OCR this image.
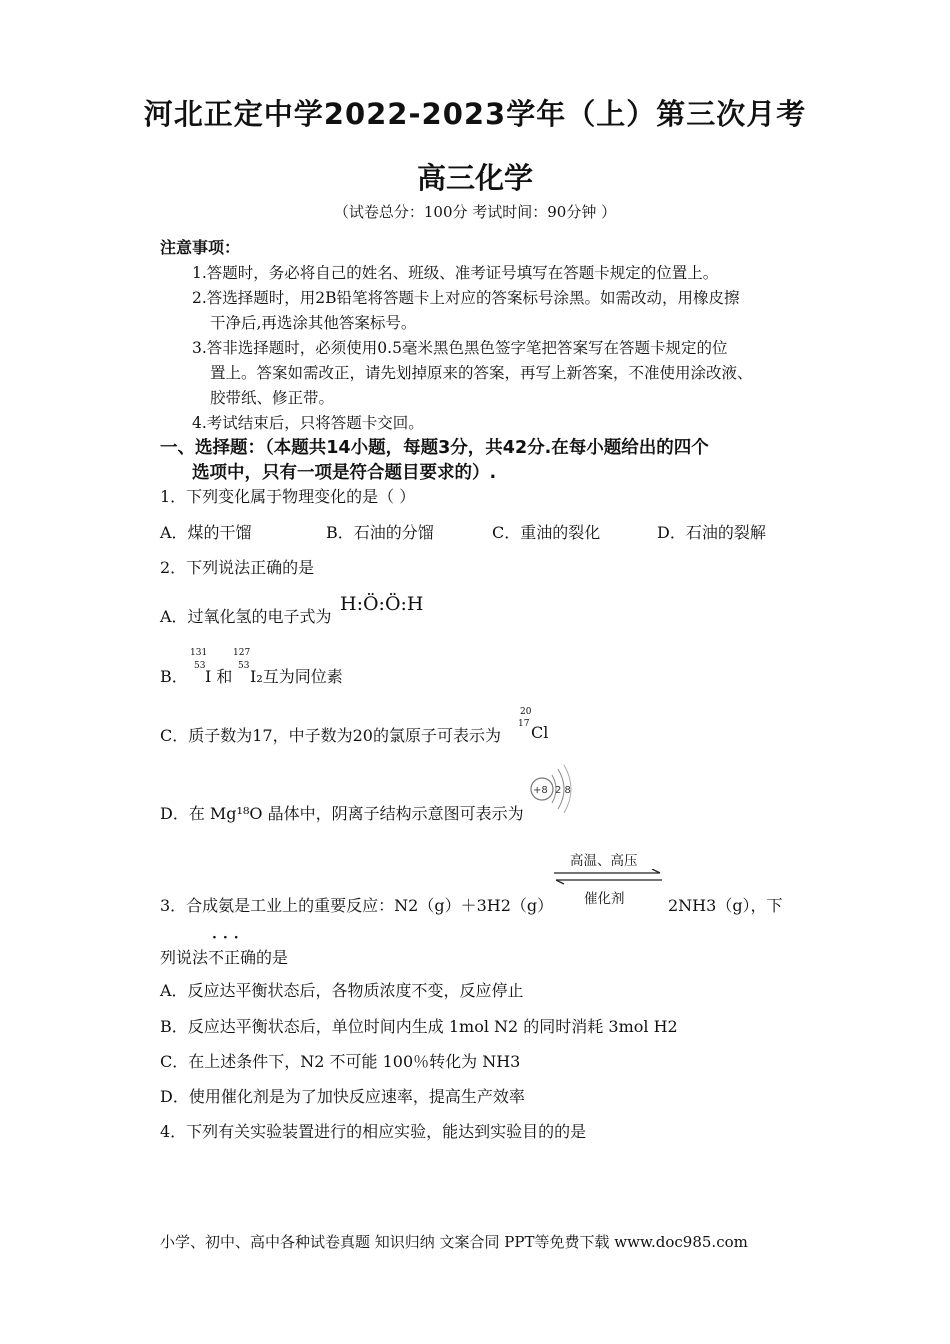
河北正定中学2022-2023学年（上）第三次月考
高三化学
（试卷总分：100分 考试时间：90分钟 ）
注意事项：
1.答题时，务必将自己的姓名、班级、准考证号填写在答题卡规定的位置上。
2.答选择题时，用2B铅笔将答题卡上对应的答案标号涂黑。如需改动，用橡皮擦
干净后,再选涂其他答案标号。
3.答非选择题时，必须使用0.5毫米黑色黑色签字笔把答案写在答题卡规定的位
置上。答案如需改正，请先划掉原来的答案，再写上新答案，不准使用涂改液、
胶带纸、修正带。
4.考试结束后，只将答题卡交回。
一、选择题：（本题共14小题，每题3分，共42分.在每小题给出的四个
选项中，只有一项是符合题目要求的）.
1．下列变化属于物理变化的是（ ）
A．煤的干馏	B．石油的分馏	C．重油的裂化	D．石油的裂解
2．下列说法正确的是
A．过氧化氢的电子式为
H:Ö:Ö:H
B．
131
53
I 和
127
53
I₂互为同位素
C．质子数为17，中子数为20的氯原子可表示为
20
17 Cl
D．在 Mg¹⁸O 晶体中，阴离子结构示意图可表示为
+8 2 8
3．合成氨是工业上的重要反应：N2（g）＋3H2（g）
高温、高压
催化剂	2NH3（g），下
···
列说法不正确的是
A．反应达平衡状态后，各物质浓度不变，反应停止
B．反应达平衡状态后，单位时间内生成 1mol N2 的同时消耗 3mol H2
C．在上述条件下，N2 不可能 100％转化为 NH3
D．使用催化剂是为了加快反应速率，提高生产效率
4．下列有关实验装置进行的相应实验，能达到实验目的的是
小学、初中、高中各种试卷真题 知识归纳 文案合同 PPT等免费下载 www.doc985.com
